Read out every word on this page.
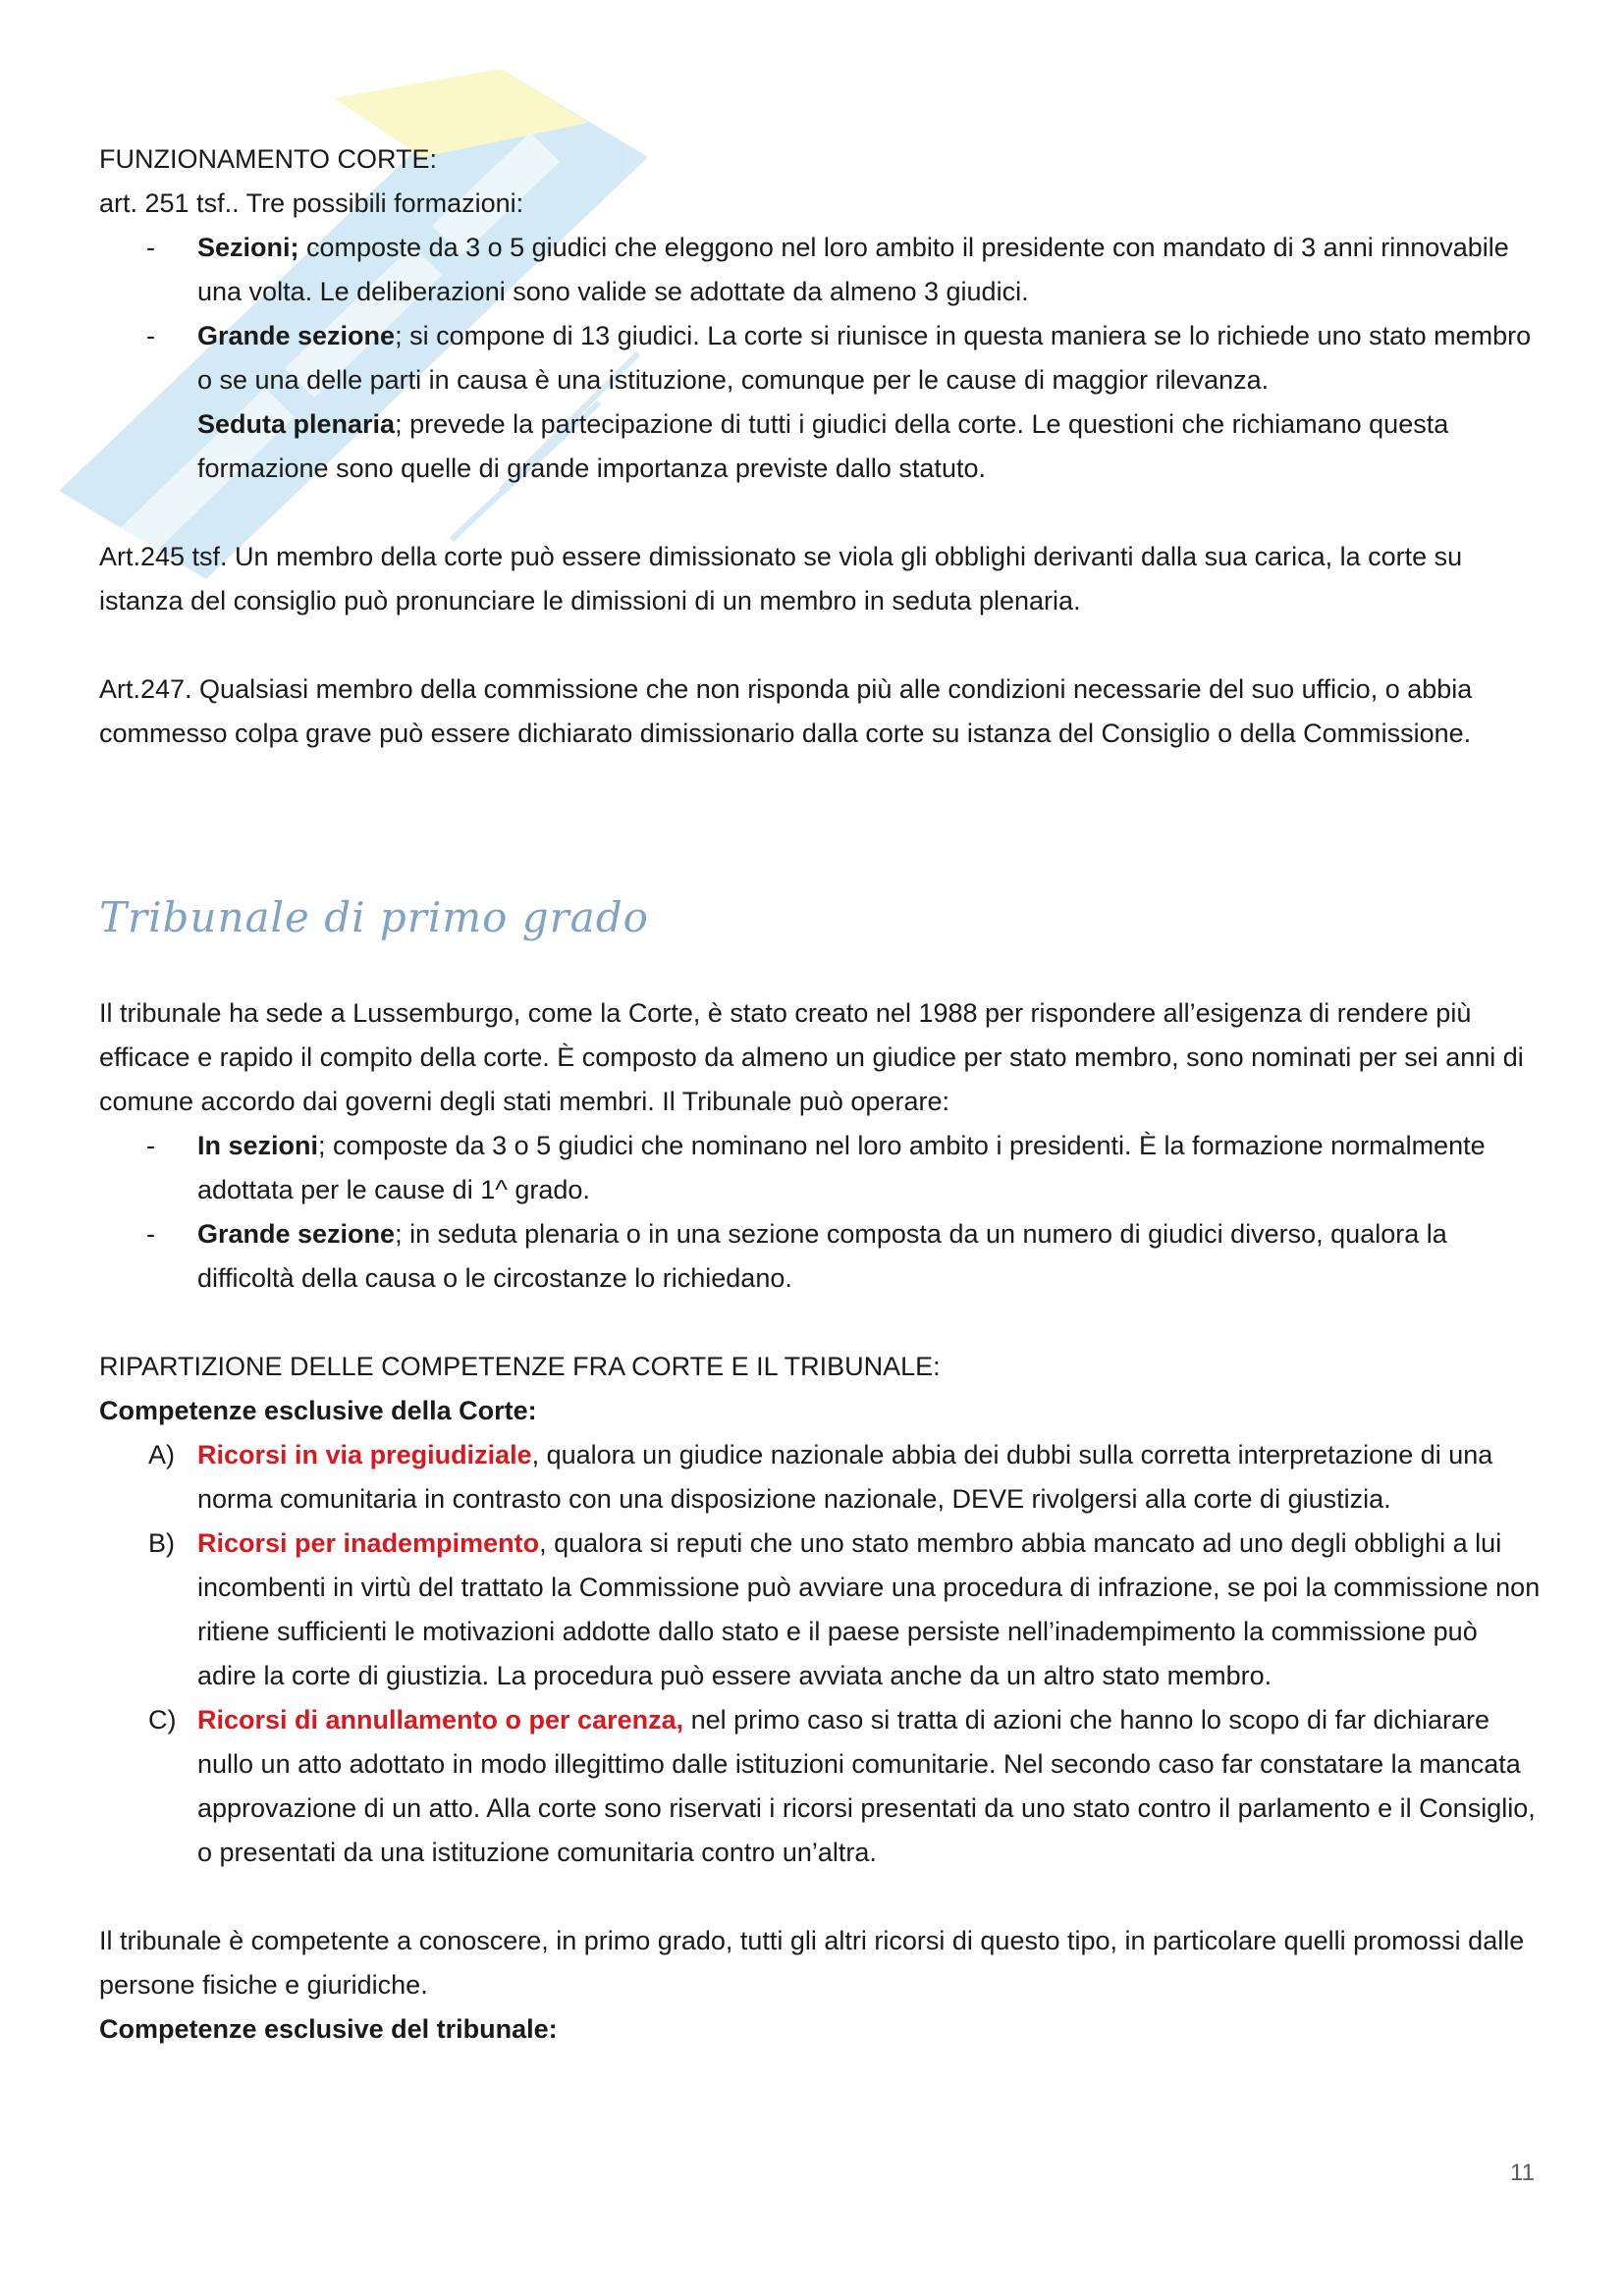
FUNZIONAMENTO CORTE:

art. 251 tsf.. Tre possibili formazioni:

- Sezioni; composte da 3 o 5 giudici che eleggono nel loro ambito il presidente con mandato di 3 anni rinnovabile una volta. Le deliberazioni sono valide se adottate da almeno 3 giudici.
- Grande sezione; si compone di 13 giudici. La corte si riunisce in questa maniera se lo richiede uno stato membro o se una delle parti in causa è una istituzione, comunque per le cause di maggior rilevanza.
Seduta plenaria; prevede la partecipazione di tutti i giudici della corte. Le questioni che richiamano questa formazione sono quelle di grande importanza previste dallo statuto.

Art.245 tsf. Un membro della corte può essere dimissionato se viola gli obblighi derivanti dalla sua carica, la corte su istanza del consiglio può pronunciare le dimissioni di un membro in seduta plenaria.

Art.247. Qualsiasi membro della commissione che non risponda più alle condizioni necessarie del suo ufficio, o abbia commesso colpa grave può essere dichiarato dimissionario dalla corte su istanza del Consiglio o della Commissione.

Tribunale di primo grado

Il tribunale ha sede a Lussemburgo, come la Corte, è stato creato nel 1988 per rispondere all’esigenza di rendere più efficace e rapido il compito della corte. È composto da almeno un giudice per stato membro, sono nominati per sei anni di comune accordo dai governi degli stati membri. Il Tribunale può operare:

- In sezioni; composte da 3 o 5 giudici che nominano nel loro ambito i presidenti. È la formazione normalmente adottata per le cause di 1^ grado.
- Grande sezione; in seduta plenaria o in una sezione composta da un numero di giudici diverso, qualora la difficoltà della causa o le circostanze lo richiedano.

RIPARTIZIONE DELLE COMPETENZE FRA CORTE E IL TRIBUNALE:

Competenze esclusive della Corte:

A) Ricorsi in via pregiudiziale, qualora un giudice nazionale abbia dei dubbi sulla corretta interpretazione di una norma comunitaria in contrasto con una disposizione nazionale, DEVE rivolgersi alla corte di giustizia.
B) Ricorsi per inadempimento, qualora si reputi che uno stato membro abbia mancato ad uno degli obblighi a lui incombenti in virtù del trattato la Commissione può avviare una procedura di infrazione, se poi la commissione non ritiene sufficienti le motivazioni addotte dallo stato e il paese persiste nell’inadempimento la commissione può adire la corte di giustizia. La procedura può essere avviata anche da un altro stato membro.
C) Ricorsi di annullamento o per carenza, nel primo caso si tratta di azioni che hanno lo scopo di far dichiarare nullo un atto adottato in modo illegittimo dalle istituzioni comunitarie. Nel secondo caso far constatare la mancata approvazione di un atto. Alla corte sono riservati i ricorsi presentati da uno stato contro il parlamento e il Consiglio, o presentati da una istituzione comunitaria contro un’altra.

Il tribunale è competente a conoscere, in primo grado, tutti gli altri ricorsi di questo tipo, in particolare quelli promossi dalle persone fisiche e giuridiche.

Competenze esclusive del tribunale:

11
